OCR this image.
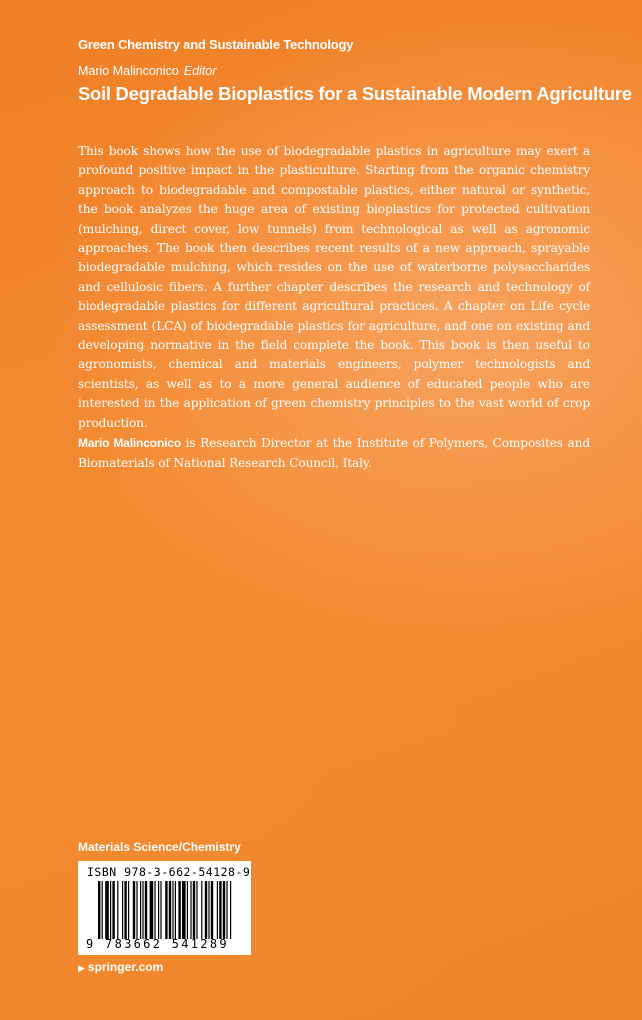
Green Chemistry and Sustainable Technology
Mario Malinconico Editor
Soil Degradable Bioplastics for a Sustainable Modern Agriculture

This book shows how the use of biodegradable plastics in agriculture may exert a profound positive impact in the plasticulture. Starting from the organic chemistry approach to biodegradable and compostable plastics, either natural or synthetic, the book analyzes the huge area of existing bioplastics for protected cultivation (mulching, direct cover, low tunnels) from technological as well as agronomic approaches. The book then describes recent results of a new approach, sprayable biodegradable mulching, which resides on the use of waterborne polysaccharides and cellulosic fibers. A further chapter describes the research and technology of biodegradable plastics for different agricultural practices. A chapter on Life cycle assessment (LCA) of biodegradable plastics for agriculture, and one on existing and developing normative in the field complete the book. This book is then useful to agronomists, chemical and materials engineers, polymer technologists and scientists, as well as to a more general audience of educated people who are interested in the application of green chemistry principles to the vast world of crop production.

Mario Malinconico is Research Director at the Institute of Polymers, Composites and Biomaterials of National Research Council, Italy.

Materials Science/Chemistry
ISBN 978-3-662-54128-9
9 783662 541289
▶ springer.com
